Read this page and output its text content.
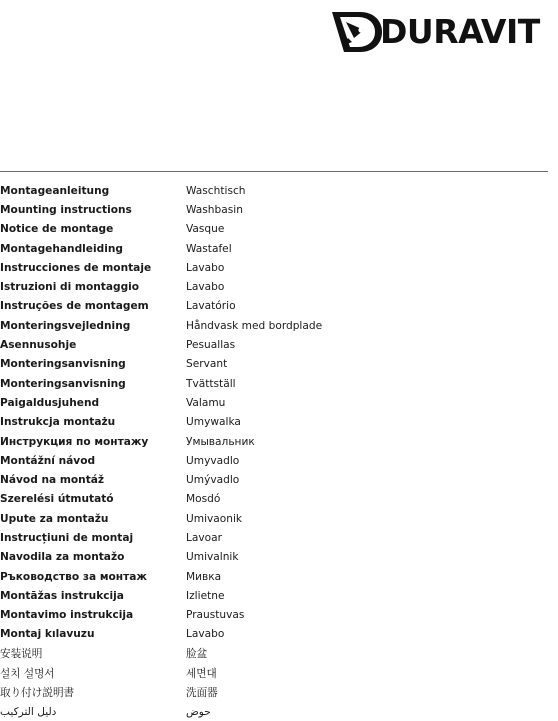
DURAVIT
Montageanleitung	Waschtisch
Mounting instructions	Washbasin
Notice de montage	Vasque
Montagehandleiding	Wastafel
Instrucciones de montaje	Lavabo
Istruzioni di montaggio	Lavabo
Instruções de montagem	Lavatório
Monteringsvejledning	Håndvask med bordplade
Asennusohje	Pesuallas
Monteringsanvisning	Servant
Monteringsanvisning	Tvättställ
Paigaldusjuhend	Valamu
Instrukcja montażu	Umywalka
Инструкция по монтажу	Умывальник
Montážní návod	Umyvadlo
Návod na montáž	Umývadlo
Szerelési útmutató	Mosdó
Upute za montažu	Umivaonik
Instrucțiuni de montaj	Lavoar
Navodila za montažo	Umivalnik
Ръководство за монтаж	Мивка
Montāžas instrukcija	Izlietne
Montavimo instrukcija	Praustuvas
Montaj kılavuzu	Lavabo
安装说明	脸盆
설치 설명서	세면대
取り付け説明書	洗面器
دليل التركيب	حوض
